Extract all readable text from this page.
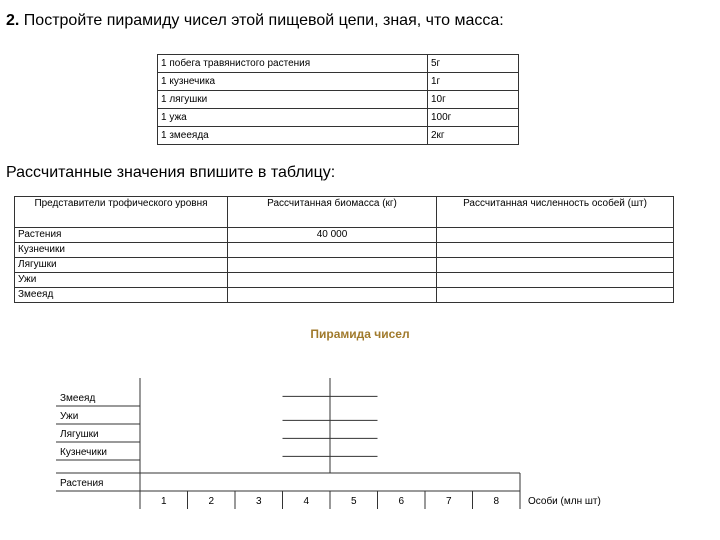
2. Постройте пирамиду чисел этой пищевой цепи, зная, что масса:
1 побега травянистого растения	5г
1 кузнечика	1г
1 лягушки	10г
1 ужа	100г
1 змееяда	2кг
Рассчитанные значения впишите в таблицу:
Представители трофического уровня	Рассчитанная биомасса (кг)	Рассчитанная численность особей (шт)
Растения	40 000	
Кузнечики		
Лягушки		
Ужи		
Змееяд		
Пирамида чисел
Змееяд
Ужи
Лягушки
Кузнечики
Растения
1	2	3	4	5	6	7	8	Особи (млн шт)
